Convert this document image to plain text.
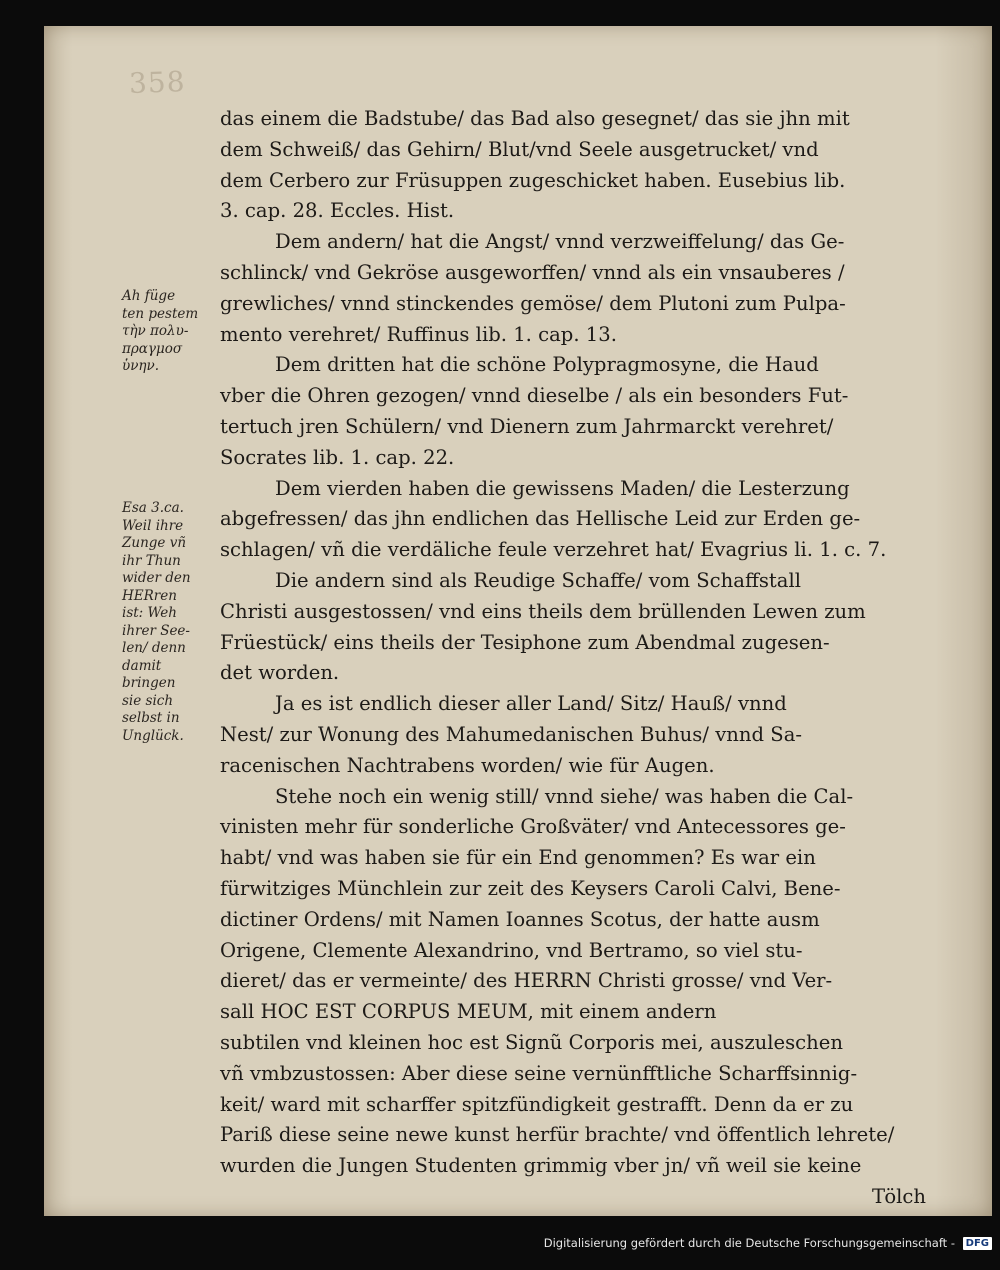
358
Ah füge
ten pestem
τὴν πολυ-
πραγμοσ
ὑνην.
Esa 3.ca.
Weil ihre
Zunge vñ
ihr Thun
wider den
HERren
ist: Weh
ihrer See-
len/ denn
damit
bringen
sie sich
selbst in
Unglück.
das einem die Badstube/ das Bad also gesegnet/ das sie jhn mit
dem Schweiß/ das Gehirn/ Blut/vnd Seele ausgetrucket/ vnd
dem Cerbero zur Früsuppen zugeschicket haben. Eusebius lib.
3. cap. 28. Eccles. Hist.
Dem andern/ hat die Angst/ vnnd verzweiffelung/ das Ge-
schlinck/ vnd Gekröse ausgeworffen/ vnnd als ein vnsauberes /
grewliches/ vnnd stinckendes gemöse/ dem Plutoni zum Pulpa-
mento verehret/ Ruffinus lib. 1. cap. 13.
Dem dritten hat die schöne Polypragmosyne, die Haud
vber die Ohren gezogen/ vnnd dieselbe / als ein besonders Fut-
tertuch jren Schülern/ vnd Dienern zum Jahrmarckt verehret/
Socrates lib. 1. cap. 22.
Dem vierden haben die gewissens Maden/ die Lesterzung
abgefressen/ das jhn endlichen das Hellische Leid zur Erden ge-
schlagen/ vñ die verdäliche feule verzehret hat/ Evagrius li. 1. c. 7.
Die andern sind als Reudige Schaffe/ vom Schaffstall
Christi ausgestossen/ vnd eins theils dem brüllenden Lewen zum
Früestück/ eins theils der Tesiphone zum Abendmal zugesen-
det worden.
Ja es ist endlich dieser aller Land/ Sitz/ Hauß/ vnnd
Nest/ zur Wonung des Mahumedanischen Buhus/ vnnd Sa-
racenischen Nachtrabens worden/ wie für Augen.
Stehe noch ein wenig still/ vnnd siehe/ was haben die Cal-
vinisten mehr für sonderliche Großväter/ vnd Antecessores ge-
habt/ vnd was haben sie für ein End genommen? Es war ein
fürwitziges Münchlein zur zeit des Keysers Caroli Calvi, Bene-
dictiner Ordens/ mit Namen Ioannes Scotus, der hatte ausm
Origene, Clemente Alexandrino, vnd Bertramo, so viel stu-
dieret/ das er vermeinte/ des HERRN Christi grosse/ vnd Ver-
sall HOC EST CORPUS MEUM, mit einem andern
subtilen vnd kleinen hoc est Signũ Corporis mei, auszuleschen
vñ vmbzustossen: Aber diese seine vernünfftliche Scharffsinnig-
keit/ ward mit scharffer spitzfündigkeit gestrafft. Denn da er zu
Pariß diese seine newe kunst herfür brachte/ vnd öffentlich lehrete/
wurden die Jungen Studenten grimmig vber jn/ vñ weil sie keine
Tölch
Digitalisierung gefördert durch die Deutsche Forschungsgemeinschaft - DFG
